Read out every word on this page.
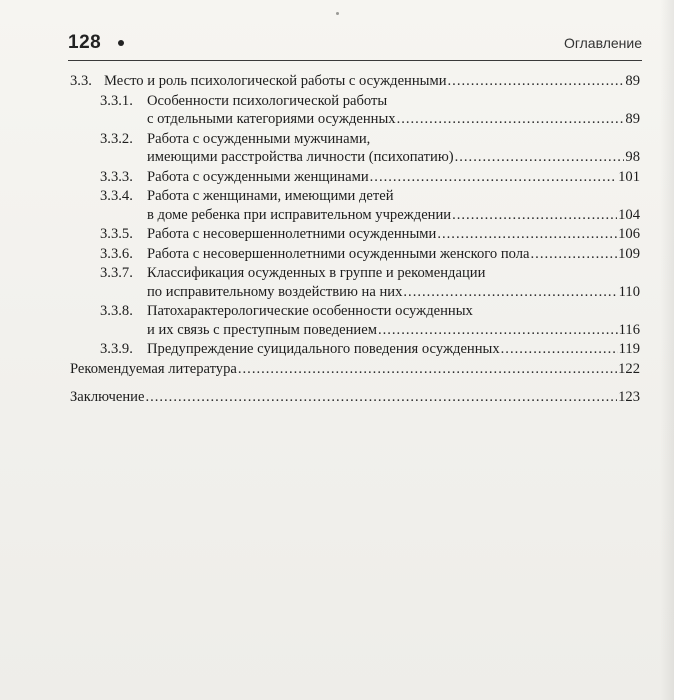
128	Оглавление
3.3. Место и роль психологической работы с осужденными .....	89
3.3.1. Особенности психологической работы
с отдельными категориями осужденных .....	89
3.3.2. Работа с осужденными мужчинами,
имеющими расстройства личности (психопатию) .....	98
3.3.3. Работа с осужденными женщинами .....	101
3.3.4. Работа с женщинами, имеющими детей
в доме ребенка при исправительном учреждении .....	104
3.3.5. Работа с несовершеннолетними осужденными .....	106
3.3.6. Работа с несовершеннолетними осужденными женского пола .....	109
3.3.7. Классификация осужденных в группе и рекомендации
по исправительному воздействию на них .....	110
3.3.8. Патохарактерологические особенности осужденных
и их связь с преступным поведением .....	116
3.3.9. Предупреждение суицидального поведения осужденных .....	119
Рекомендуемая литература .....	122
Заключение .....	123
